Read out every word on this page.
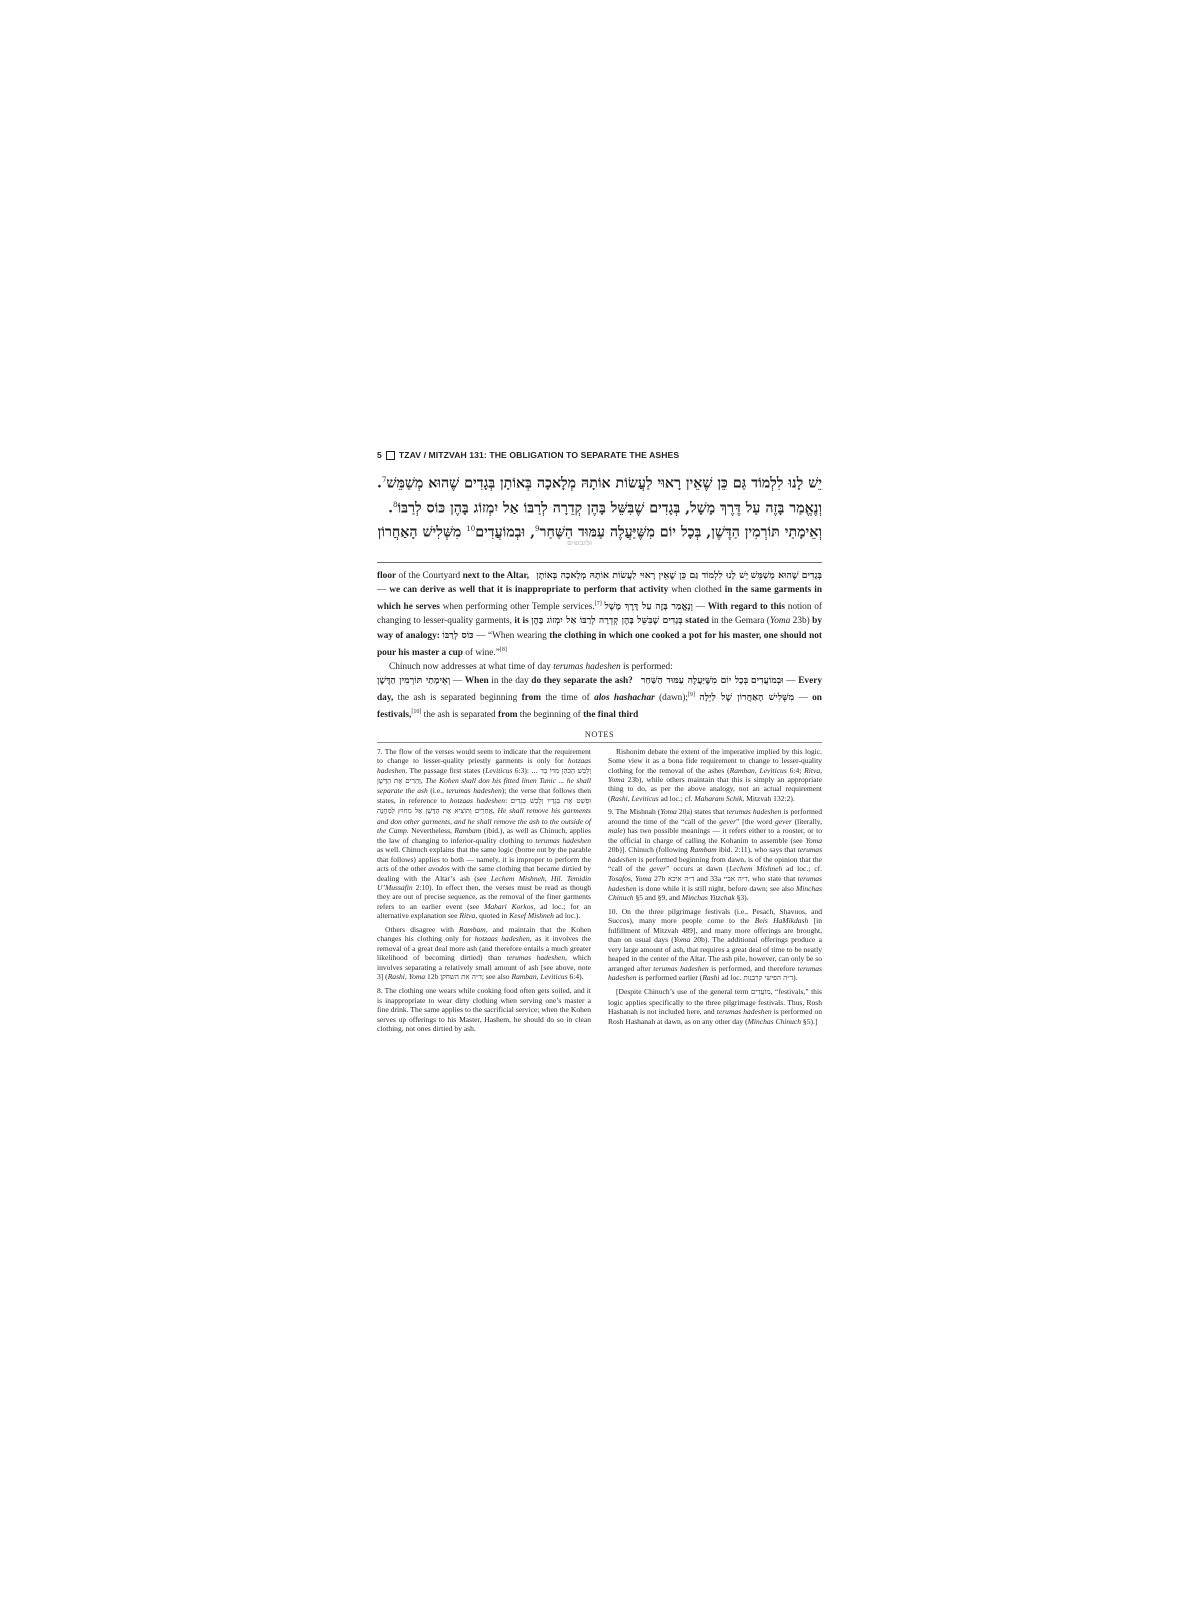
5 TZAV / MITZVAH 131: THE OBLIGATION TO SEPARATE THE ASHES

יֵשׁ לָנוּ לִלְמוֹד גַּם כֵּן שֶׁאֵין רָאוּי לַעֲשׂוֹת אוֹתָהּ מְלָאכָה בְּאוֹתָן בְּגָדִים שֶׁהוּא מְשַׁמֵּשׁ$^7$. וְנֶאֱמַר בָּזֶה עַל דֶּרֶךְ מָשָׁל, בְּגָדִים שֶׁבִּשֵּׁל בָּהֶן קְדֵרָה לְרַבּוֹ אַל יִמְזוֹג בָּהֶן כּוֹס לְרַבּוֹ$^8$.

וְאֵימָתַי תּוֹרְמִין הַדֶּשֶׁן, בְּכָל יוֹם מִשֶּׁיַּעֲלֶה עַמּוּד הַשַּׁחַר$^9$, וּבְמוֹעֲדִים$^{10}$ מִשְּׁלִישׁ הָאַחֲרוֹן

ולובשים

floor of the Courtyard next to the Altar, יֵשׁ לָנוּ לִלְמוֹד גַּם כֵּן שֶׁאֵין רָאוּי לַעֲשׂוֹת אוֹתָהּ מְלָאכָה בְּאוֹתָן בְּגָדִים שֶׁהוּא מְשַׁמֵּשׁ — we can derive as well that it is inappropriate to perform that activity when clothed in the same garments in which he serves when performing other Temple services.[7] וְנֶאֱמַר בָּזֶה עַל דֶּרֶךְ מָשָׁל — With regard to this notion of changing to lesser-quality garments, it is בְּגָדִים שֶׁבִּשֵּׁל בָּהֶן קְדֵרָה לְרַבּוֹ אַל יִמְזוֹג בָּהֶן stated in the Gemara (Yoma 23b) by way of analogy: כּוֹס לְרַבּוֹ — “When wearing the clothing in which one cooked a pot for his master, one should not pour his master a cup of wine.”[8]

Chinuch now addresses at what time of day terumas hadeshen is performed:

וְאֵימָתַי תּוֹרְמִין הַדֶּשֶׁן — When in the day do they separate the ash? בְּכָל יוֹם מִשֶּׁיַּעֲלֶה עַמּוּד הַשַּׁחַר וּבְמוֹעֲדִים — Every day, the ash is separated beginning from the time of alos hashachar (dawn);[9] מִשְּׁלִישׁ הָאַחֲרוֹן שֶׁל לַיְלָה — on festivals,[10] the ash is separated from the beginning of the final third

NOTES

7. The flow of the verses would seem to indicate that the requirement to change to lesser-quality priestly garments is only for hotzaas hadeshen. The passage first states (Leviticus 6:3): וְלָבַשׁ הַכֹּהֵן מִדּוֹ בַד ... וְהֵרִים אֶת הַדֶּשֶׁן, The Kohen shall don his fitted linen Tunic ... he shall separate the ash (i.e., terumas hadeshen); the verse that follows then states, in reference to hotzaas hadeshen: וּפָשַׁט אֶת בְּגָדָיו וְלָבַשׁ בְּגָדִים אֲחֵרִים וְהוֹצִיא אֶת הַדֶּשֶׁן אֶל מִחוּץ לַמַּחֲנֶה, He shall remove his garments and don other garments, and he shall remove the ash to the outside of the Camp. Nevertheless, Rambam (ibid.), as well as Chinuch, applies the law of changing to inferior-quality clothing to terumas hadeshen as well. Chinuch explains that the same logic (borne out by the parable that follows) applies to both — namely, it is improper to perform the acts of the other avodos with the same clothing that became dirtied by dealing with the Altar’s ash (see Lechem Mishneh, Hil. Temidin U’Mussafin 2:10). In effect then, the verses must be read as though they are out of precise sequence, as the removal of the finer garments refers to an earlier event (see Mahari Korkos, ad loc.; for an alternative explanation see Ritva, quoted in Kesef Mishneh ad loc.).

Others disagree with Rambam, and maintain that the Kohen changes his clothing only for hotzaas hadeshen, as it involves the removal of a great deal more ash (and therefore entails a much greater likelihood of becoming dirtied) than terumas hadeshen, which involves separating a relatively small amount of ash [see above, note 3] (Rashi, Yoma 12b ד״ה את השחקן; see also Ramban, Leviticus 6:4).

8. The clothing one wears while cooking food often gets soiled, and it is inappropriate to wear dirty clothing when serving one’s master a fine drink. The same applies to the sacrificial service; when the Kohen serves up offerings to his Master, Hashem, he should do so in clean clothing, not ones dirtied by ash.

Rishonim debate the extent of the imperative implied by this logic. Some view it as a bona fide requirement to change to lesser-quality clothing for the removal of the ashes (Ramban, Leviticus 6:4; Ritva, Yoma 23b), while others maintain that this is simply an appropriate thing to do, as per the above analogy, not an actual requirement (Rashi, Leviticus ad loc.; cf. Maharam Schik, Mitzvah 132:2).

9. The Mishnah (Yoma 20a) states that terumas hadeshen is performed around the time of the “call of the gever” [the word gever (literally, male) has two possible meanings — it refers either to a rooster, or to the official in charge of calling the Kohanim to assemble (see Yoma 20b)]. Chinuch (following Rambam ibid. 2:11), who says that terumas hadeshen is performed beginning from dawn, is of the opinion that the “call of the gever” occurs at dawn (Lechem Mishneh ad loc.; cf. Tosafos, Yoma 27b ד״ה איכא and 33a ד״ה אביי, who state that terumas hadeshen is done while it is still night, before dawn; see also Minchas Chinuch §5 and §9, and Minchas Yitzchak §3).

10. On the three pilgrimage festivals (i.e., Pesach, Shavuos, and Succos), many more people come to the Beis HaMikdash [in fulfillment of Mitzvah 489], and many more offerings are brought, than on usual days (Yoma 20b). The additional offerings produce a very large amount of ash, that requires a great deal of time to be neatly heaped in the center of the Altar. The ash pile, however, can only be so arranged after terumas hadeshen is performed, and therefore terumas hadeshen is performed earlier (Rashi ad loc. ד״ה הפישי קרבנות).

[Despite Chinuch’s use of the general term מוֹעֲדִים, “festivals,” this logic applies specifically to the three pilgrimage festivals. Thus, Rosh Hashanah is not included here, and terumas hadeshen is performed on Rosh Hashanah at dawn, as on any other day (Minchas Chinuch §5).]
